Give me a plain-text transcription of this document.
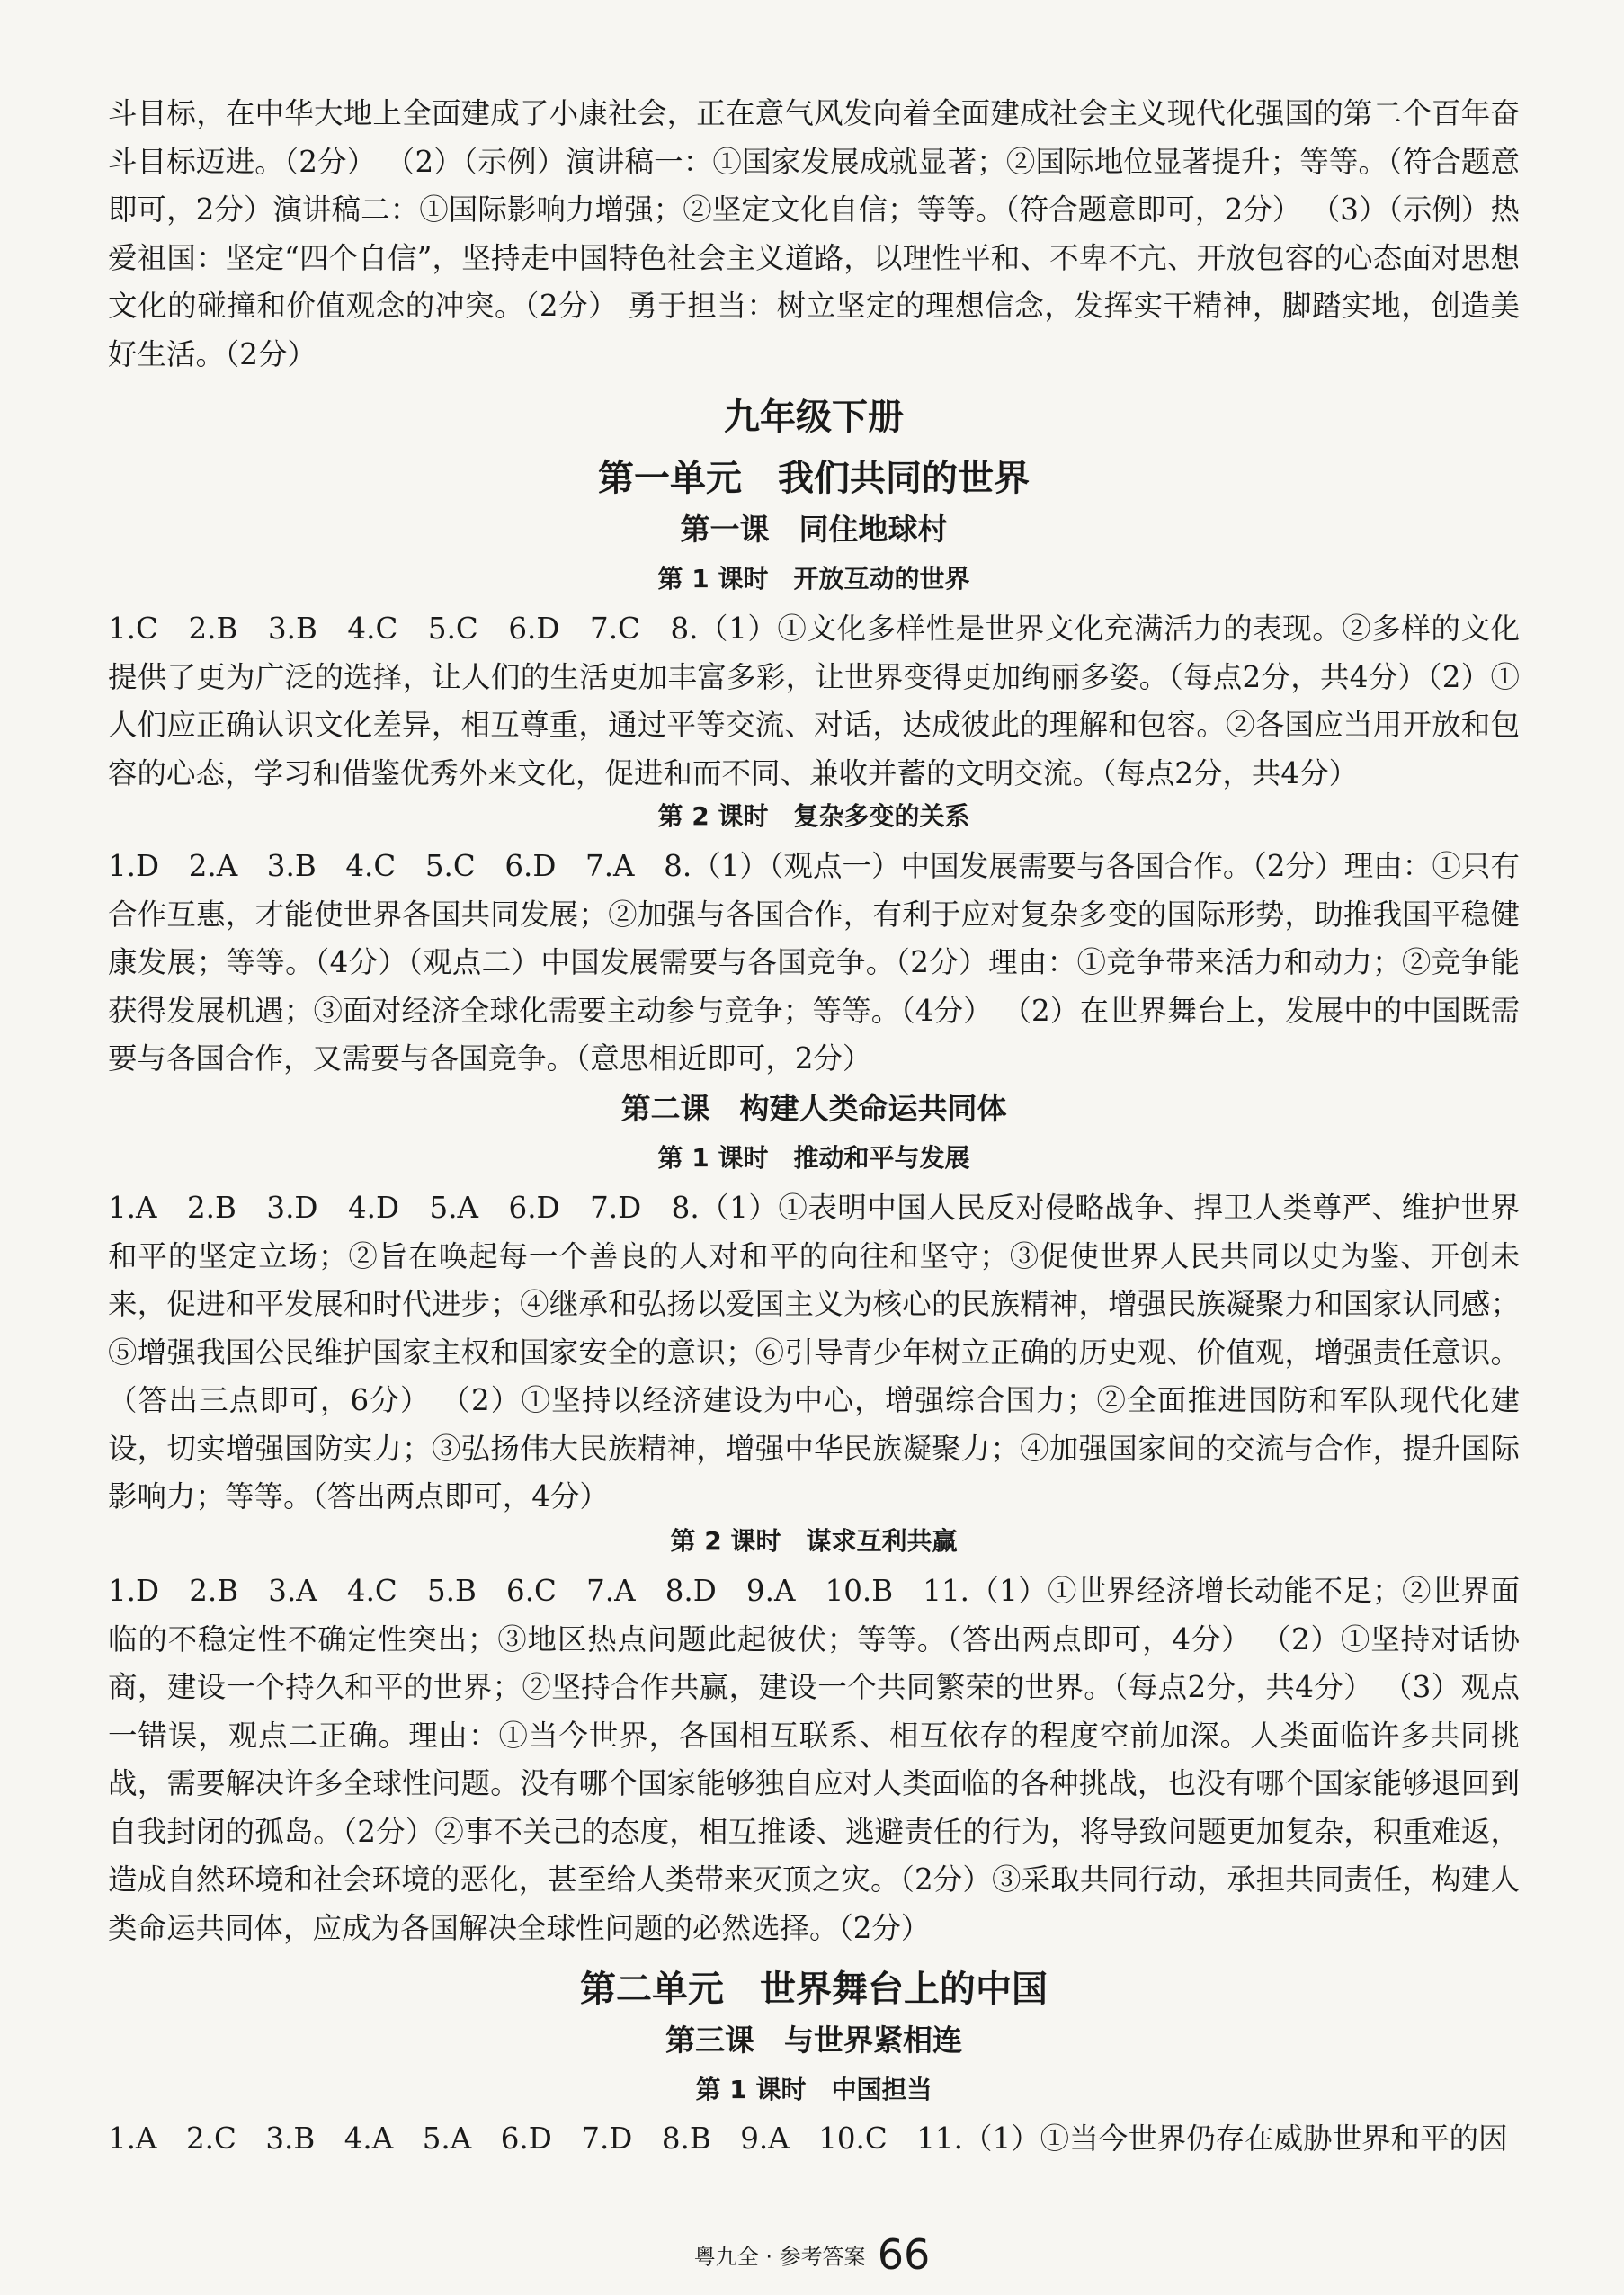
斗目标，在中华大地上全面建成了小康社会，正在意气风发向着全面建成社会主义现代化强国的第二个百年奋斗目标迈进。（2分） （2）（示例）演讲稿一：①国家发展成就显著；②国际地位显著提升；等等。（符合题意即可，2分）演讲稿二：①国际影响力增强；②坚定文化自信；等等。（符合题意即可，2分） （3）（示例）热爱祖国：坚定“四个自信”，坚持走中国特色社会主义道路，以理性平和、不卑不亢、开放包容的心态面对思想文化的碰撞和价值观念的冲突。（2分） 勇于担当：树立坚定的理想信念，发挥实干精神，脚踏实地，创造美好生活。（2分）

九年级下册
第一单元　我们共同的世界
第一课　同住地球村
第 1 课时　开放互动的世界

1.C　2.B　3.B　4.C　5.C　6.D　7.C　8.（1）①文化多样性是世界文化充满活力的表现。②多样的文化提供了更为广泛的选择，让人们的生活更加丰富多彩，让世界变得更加绚丽多姿。（每点2分，共4分）（2）①人们应正确认识文化差异，相互尊重，通过平等交流、对话，达成彼此的理解和包容。②各国应当用开放和包容的心态，学习和借鉴优秀外来文化，促进和而不同、兼收并蓄的文明交流。（每点2分，共4分）

第 2 课时　复杂多变的关系

1.D　2.A　3.B　4.C　5.C　6.D　7.A　8.（1）（观点一）中国发展需要与各国合作。（2分）理由：①只有合作互惠，才能使世界各国共同发展；②加强与各国合作，有利于应对复杂多变的国际形势，助推我国平稳健康发展；等等。（4分）（观点二）中国发展需要与各国竞争。（2分）理由：①竞争带来活力和动力；②竞争能获得发展机遇；③面对经济全球化需要主动参与竞争；等等。（4分） （2）在世界舞台上，发展中的中国既需要与各国合作，又需要与各国竞争。（意思相近即可，2分）

第二课　构建人类命运共同体
第 1 课时　推动和平与发展

1.A　2.B　3.D　4.D　5.A　6.D　7.D　8.（1）①表明中国人民反对侵略战争、捍卫人类尊严、维护世界和平的坚定立场；②旨在唤起每一个善良的人对和平的向往和坚守；③促使世界人民共同以史为鉴、开创未来，促进和平发展和时代进步；④继承和弘扬以爱国主义为核心的民族精神，增强民族凝聚力和国家认同感；⑤增强我国公民维护国家主权和国家安全的意识；⑥引导青少年树立正确的历史观、价值观，增强责任意识。（答出三点即可，6分） （2）①坚持以经济建设为中心，增强综合国力；②全面推进国防和军队现代化建设，切实增强国防实力；③弘扬伟大民族精神，增强中华民族凝聚力；④加强国家间的交流与合作，提升国际影响力；等等。（答出两点即可，4分）

第 2 课时　谋求互利共赢

1.D　2.B　3.A　4.C　5.B　6.C　7.A　8.D　9.A　10.B　11.（1）①世界经济增长动能不足；②世界面临的不稳定性不确定性突出；③地区热点问题此起彼伏；等等。（答出两点即可，4分） （2）①坚持对话协商，建设一个持久和平的世界；②坚持合作共赢，建设一个共同繁荣的世界。（每点2分，共4分） （3）观点一错误，观点二正确。理由：①当今世界，各国相互联系、相互依存的程度空前加深。人类面临许多共同挑战，需要解决许多全球性问题。没有哪个国家能够独自应对人类面临的各种挑战，也没有哪个国家能够退回到自我封闭的孤岛。（2分）②事不关己的态度，相互推诿、逃避责任的行为，将导致问题更加复杂，积重难返，造成自然环境和社会环境的恶化，甚至给人类带来灭顶之灾。（2分）③采取共同行动，承担共同责任，构建人类命运共同体，应成为各国解决全球性问题的必然选择。（2分）

第二单元　世界舞台上的中国
第三课　与世界紧相连
第 1 课时　中国担当

1.A　2.C　3.B　4.A　5.A　6.D　7.D　8.B　9.A　10.C　11.（1）①当今世界仍存在威胁世界和平的因

粤九全 · 参考答案 66
